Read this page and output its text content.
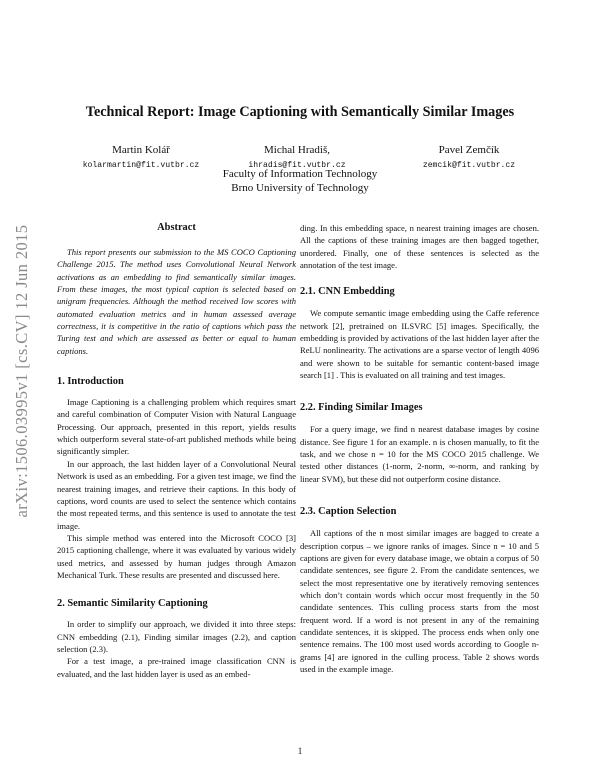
arXiv:1506.03995v1 [cs.CV] 12 Jun 2015
Technical Report: Image Captioning with Semantically Similar Images
Martin Kolář
kolarmartin@fit.vutbr.cz
Michal Hradiš,
ihradis@fit.vutbr.cz
Pavel Zemčík
zemcik@fit.vutbr.cz
Faculty of Information Technology
Brno University of Technology
Abstract

This report presents our submission to the MS COCO Captioning Challenge 2015. The method uses Convolutional Neural Network activations as an embedding to find semantically similar images. From these images, the most typical caption is selected based on unigram frequencies. Although the method received low scores with automated evaluation metrics and in human assessed average correctness, it is competitive in the ratio of captions which pass the Turing test and which are assessed as better or equal to human captions.

1. Introduction

Image Captioning is a challenging problem which requires smart and careful combination of Computer Vision with Natural Language Processing. Our approach, presented in this report, yields results which outperform several state-of-art published methods while being significantly simpler.

In our approach, the last hidden layer of a Convolutional Neural Network is used as an embedding. For a given test image, we find the nearest training images, and retrieve their captions. In this body of captions, word counts are used to select the sentence which contains the most repeated terms, and this sentence is used to annotate the test image.

This simple method was entered into the Microsoft COCO [3] 2015 captioning challenge, where it was evaluated by various widely used metrics, and assessed by human judges through Amazon Mechanical Turk. These results are presented and discussed here.

2. Semantic Similarity Captioning

In order to simplify our approach, we divided it into three steps: CNN embedding (2.1), Finding similar images (2.2), and caption selection (2.3).

For a test image, a pre-trained image classification CNN is evaluated, and the last hidden layer is used as an embed-

ding. In this embedding space, n nearest training images are chosen. All the captions of these training images are then bagged together, unordered. Finally, one of these sentences is selected as the annotation of the test image.

2.1. CNN Embedding

We compute semantic image embedding using the Caffe reference network [2], pretrained on ILSVRC [5] images. Specifically, the embedding is provided by activations of the last hidden layer after the ReLU nonlinearity. The activations are a sparse vector of length 4096 and were shown to be suitable for semantic content-based image search [1] . This is evaluated on all training and test images.

2.2. Finding Similar Images

For a query image, we find n nearest database images by cosine distance. See figure 1 for an example. n is chosen manually, to fit the task, and we chose n = 10 for the MS COCO 2015 challenge. We tested other distances (1-norm, 2-norm, ∞-norm, and ranking by linear SVM), but these did not outperform cosine distance.

2.3. Caption Selection

All captions of the n most similar images are bagged to create a description corpus – we ignore ranks of images. Since n = 10 and 5 captions are given for every database image, we obtain a corpus of 50 candidate sentences, see figure 2. From the candidate sentences, we select the most representative one by iteratively removing sentences which don’t contain words which occur most frequently in the 50 candidate sentences. This culling process starts from the most frequent word. If a word is not present in any of the remaining candidate sentences, it is skipped. The process ends when only one sentence remains. The 100 most used words according to Google n-grams [4] are ignored in the culling process. Table 2 shows words used in the example image.

1
